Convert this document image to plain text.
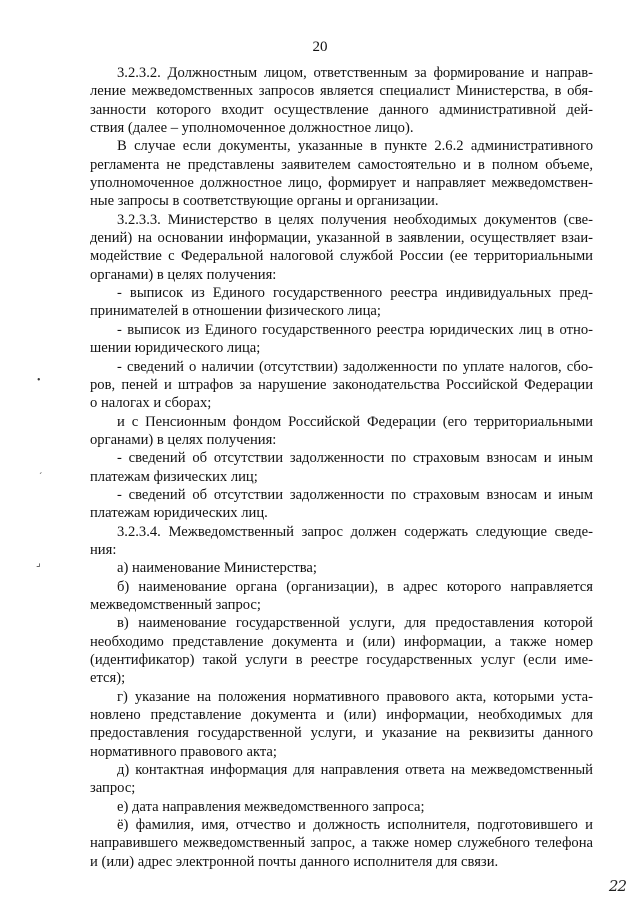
20
3.2.3.2. Должностным лицом, ответственным за формирование и направ-
ление межведомственных запросов является специалист Министерства, в обя-
занности которого входит осуществление данного административной дей-
ствия (далее – уполномоченное должностное лицо).
В случае если документы, указанные в пункте 2.6.2 административного
регламента не представлены заявителем самостоятельно и в полном объеме,
уполномоченное должностное лицо, формирует и направляет межведомствен-
ные запросы в соответствующие органы и организации.
3.2.3.3. Министерство в целях получения необходимых документов (све-
дений) на основании информации, указанной в заявлении, осуществляет взаи-
модействие с Федеральной налоговой службой России (ее территориальными
органами) в целях получения:
- выписок из Единого государственного реестра индивидуальных пред-
принимателей в отношении физического лица;
- выписок из Единого государственного реестра юридических лиц в отно-
шении юридического лица;
- сведений о наличии (отсутствии) задолженности по уплате налогов, сбо-
ров, пеней и штрафов за нарушение законодательства Российской Федерации
о налогах и сборах;
и с Пенсионным фондом Российской Федерации (его территориальными
органами) в целях получения:
- сведений об отсутствии задолженности по страховым взносам и иным
платежам физических лиц;
- сведений об отсутствии задолженности по страховым взносам и иным
платежам юридических лиц.
3.2.3.4. Межведомственный запрос должен содержать следующие сведе-
ния:
а) наименование Министерства;
б) наименование органа (организации), в адрес которого направляется
межведомственный запрос;
в) наименование государственной услуги, для предоставления которой
необходимо представление документа и (или) информации, а также номер
(идентификатор) такой услуги в реестре государственных услуг (если име-
ется);
г) указание на положения нормативного правового акта, которыми уста-
новлено представление документа и (или) информации, необходимых для
предоставления государственной услуги, и указание на реквизиты данного
нормативного правового акта;
д) контактная информация для направления ответа на межведомственный
запрос;
е) дата направления межведомственного запроса;
ё) фамилия, имя, отчество и должность исполнителя, подготовившего и
направившего межведомственный запрос, а также номер служебного телефона
и (или) адрес электронной почты данного исполнителя для связи.
•
ˊ
⌟
22
